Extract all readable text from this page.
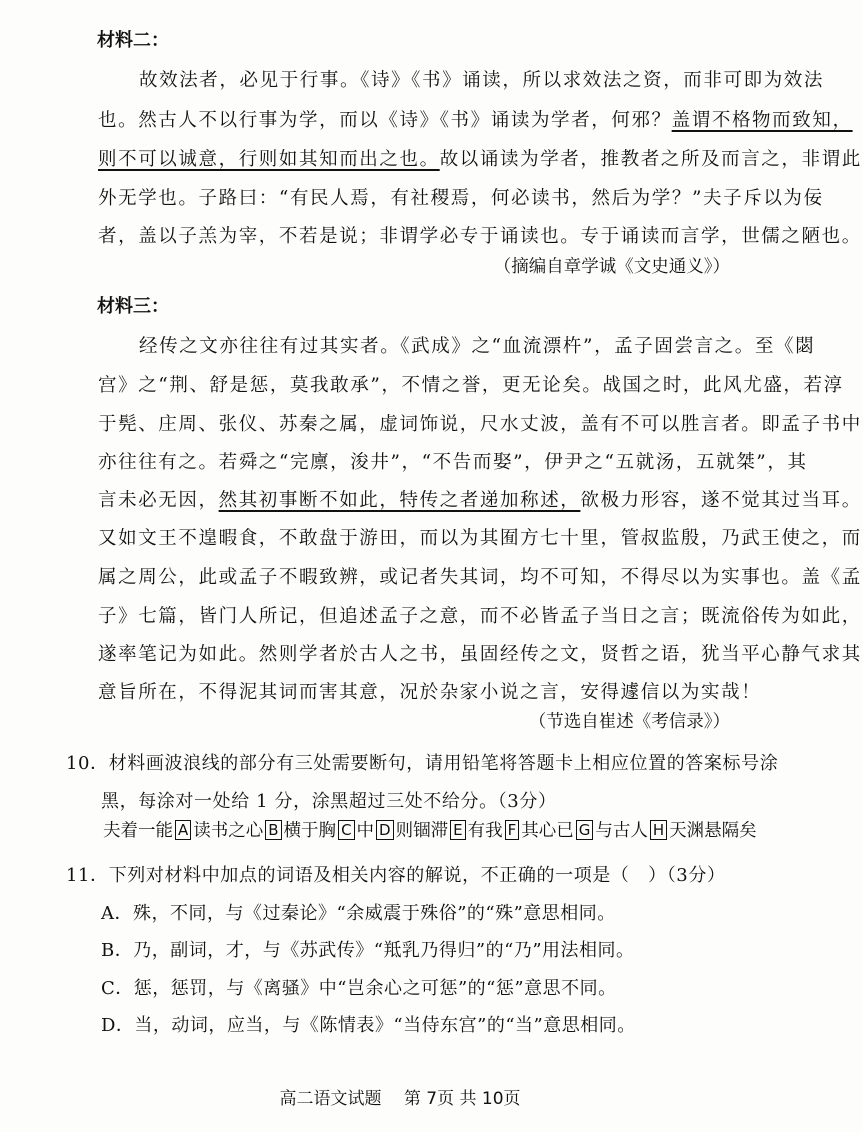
材料二：
故效法者，必见于行事。《诗》《书》诵读，所以求效法之资，而非可即为效法
也。然古人不以行事为学，而以《诗》《书》诵读为学者，何邪？盖谓不格物而致知，
则不可以诚意，行则如其知而出之也。故以诵读为学者，推教者之所及而言之，非谓此
外无学也。子路曰：“有民人焉，有社稷焉，何必读书，然后为学？”夫子斥以为佞
者，盖以子羔为宰，不若是说；非谓学必专于诵读也。专于诵读而言学，世儒之陋也。
（摘编自章学诚《文史通义》）
材料三：
经传之文亦往往有过其实者。《武成》之“血流漂杵”，孟子固尝言之。至《閟
宫》之“荆、舒是惩，莫我敢承”，不情之誉，更无论矣。战国之时，此风尤盛，若淳
于髡、庄周、张仪、苏秦之属，虚词饰说，尺水丈波，盖有不可以胜言者。即孟子书中
亦往往有之。若舜之“完廪，浚井”，“不告而娶”，伊尹之“五就汤，五就桀”，其
言未必无因，然其初事断不如此，特传之者递加称述，欲极力形容，遂不觉其过当耳。
又如文王不遑暇食，不敢盘于游田，而以为其囿方七十里，管叔监殷，乃武王使之，而
属之周公，此或孟子不暇致辨，或记者失其词，均不可知，不得尽以为实事也。盖《孟
子》七篇，皆门人所记，但追述孟子之意，而不必皆孟子当日之言；既流俗传为如此，
遂率笔记为如此。然则学者於古人之书，虽固经传之文，贤哲之语，犹当平心静气求其
意旨所在，不得泥其词而害其意，况於杂家小说之言，安得遽信以为实哉！
（节选自崔述《考信录》）
10．材料画波浪线的部分有三处需要断句，请用铅笔将答题卡上相应位置的答案标号涂
黑，每涂对一处给 1 分，涂黑超过三处不给分。（3分）
夫着一能 A 读书之心 B 横于胸 C 中 D 则锢滞 E 有我 F 其心已 G 与古人 H 天渊悬隔矣
11．下列对材料中加点的词语及相关内容的解说，不正确的一项是（　）（3分）
A．殊，不同，与《过秦论》“余威震于殊俗”的“殊”意思相同。
B．乃，副词，才，与《苏武传》“羝乳乃得归”的“乃”用法相同。
C．惩，惩罚，与《离骚》中“岂余心之可惩”的“惩”意思不同。
D．当，动词，应当，与《陈情表》“当侍东宫”的“当”意思相同。
高二语文试题　 第 7页 共 10页
